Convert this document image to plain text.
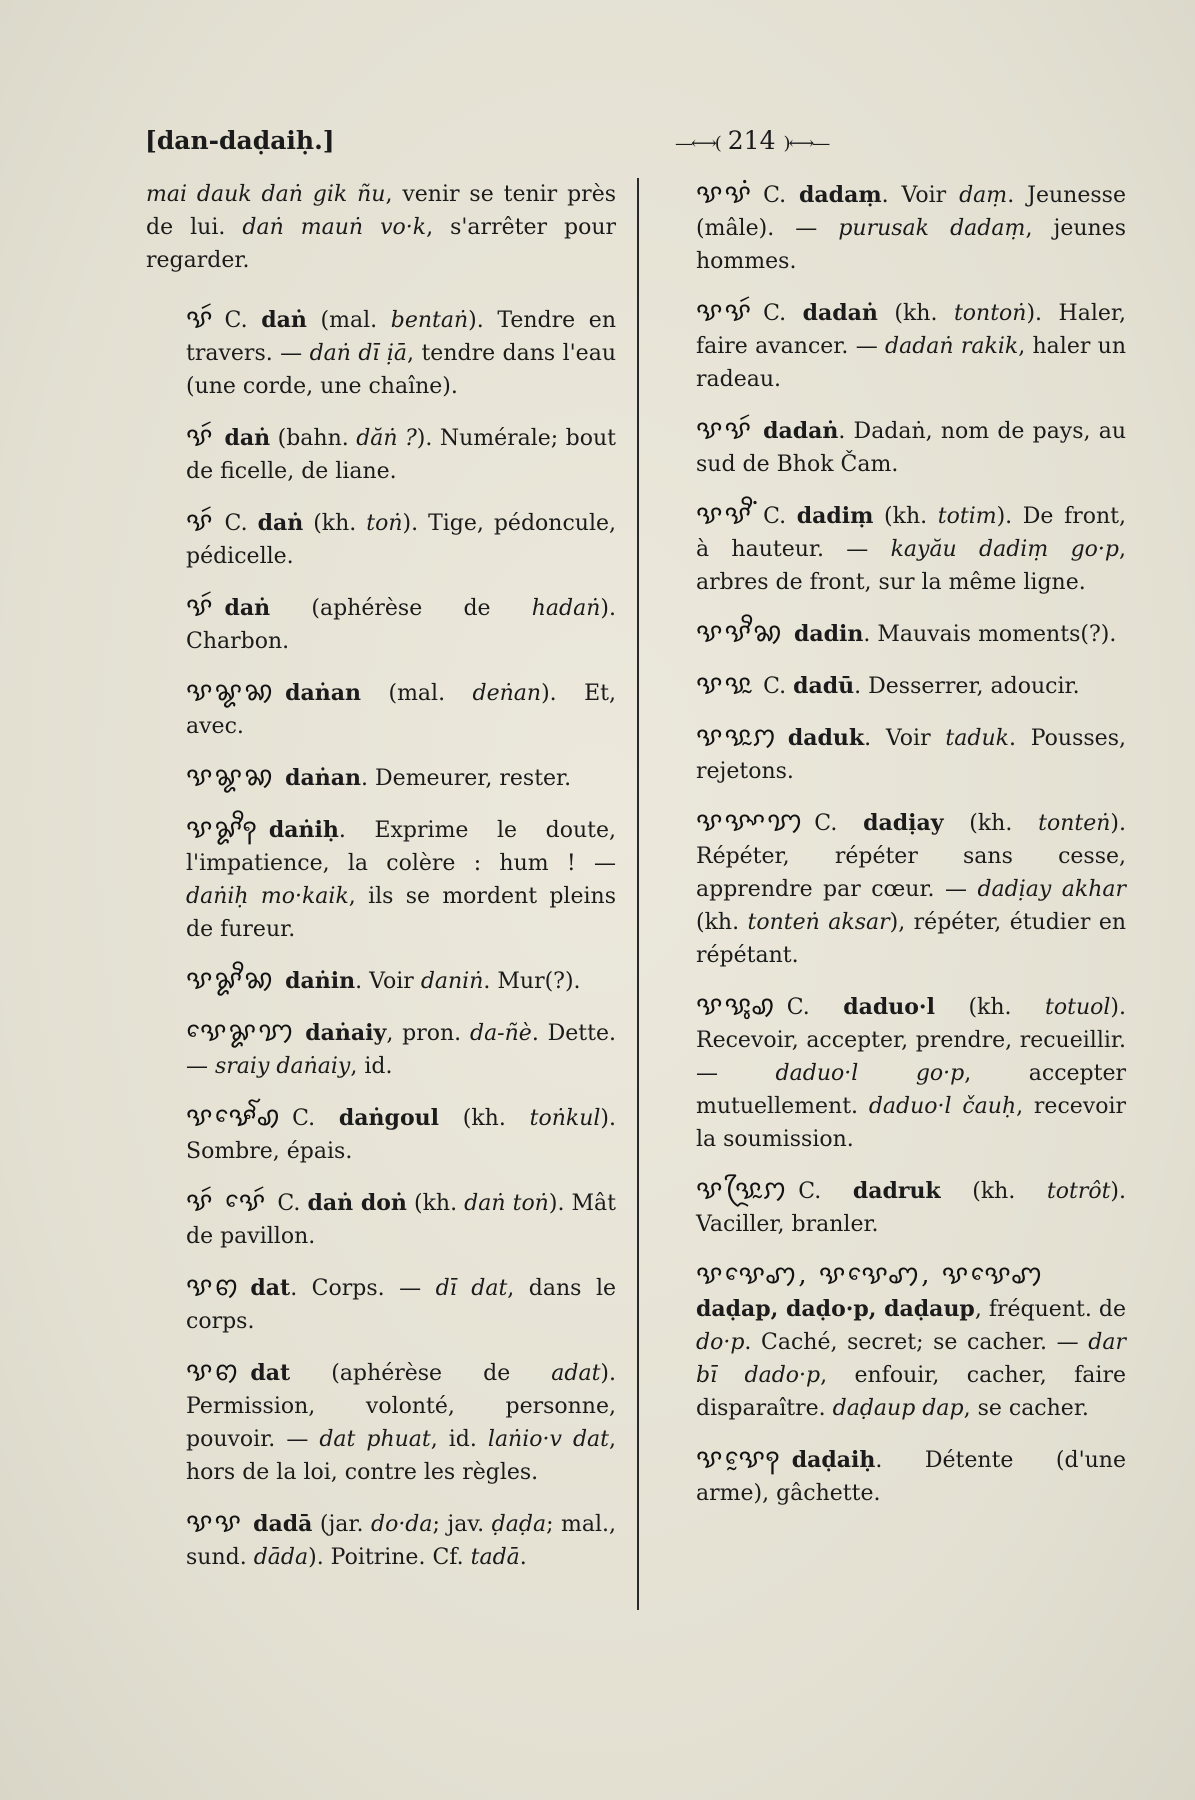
[dan-daḍaiḥ.]	—⟷( 214 )⟷—
mai dauk daṅ gik ñu, venir se tenir près de lui. daṅ mauṅ vo·k, s'arrêter pour regarder.
ꨕꩃ C. daṅ (mal. bentaṅ). Tendre en travers. — daṅ dī ịā, tendre dans l'eau (une corde, une chaîne).
ꨕꩃ daṅ (bahn. dăṅ ?). Numérale; bout de ficelle, de liane.
ꨕꩃ C. daṅ (kh. toṅ). Tige, pédoncule, pédicelle.
ꨕꩃ daṅ (aphérèse de hadaṅ). Charbon.
ꨕꨘꩆ daṅan (mal. deṅan). Et, avec.
ꨕꨘꩆ daṅan. Demeurer, rester.
ꨕꨙꨪꩍ daṅiḥ. Exprime le doute, l'impatience, la colère : hum ! — daṅiḥ mo·kaik, ils se mordent pleins de fureur.
ꨕꨙꨪꩆ daṅin. Voir daniṅ. Mur(?).
ꨕꨯꨙꩈ daṅaiy, pron. da-ñè. Dette. — sraiy daṅaiy, id.
ꨕꨊꨯꨱꩉ C. daṅgoul (kh. toṅkul). Sombre, épais.
ꨕꩃ ꨕꨯꩃ C. daṅ doṅ (kh. daṅ toṅ). Mât de pavillon.
ꨕꩅ dat. Corps. — dī dat, dans le corps.
ꨕꩅ dat (aphérèse de adat). Permission, volonté, personne, pouvoir. — dat phuat, id. laṅio·v dat, hors de la loi, contre les règles.
ꨕꨕ dadā (jar. do·da; jav. ḍaḍa; mal., sund. dāda). Poitrine. Cf. tadā.
ꨕꨕꩌ C. dadaṃ. Voir daṃ. Jeunesse (mâle). — purusak dadaṃ, jeunes hommes.
ꨕꨕꩃ C. dadaṅ (kh. tontoṅ). Haler, faire avancer. — dadaṅ rakik, haler un radeau.
ꨕꨕꩃ dadaṅ. Dadaṅ, nom de pays, au sud de Bhok Čam.
ꨕꨕꨪꩌ C. dadiṃ (kh. totim). De front, à hauteur. — kayău dadiṃ go·p, arbres de front, sur la même ligne.
ꨕꨕꨪꩆ dadin. Mauvais moments(?).
ꨕꨕꨭ C. dadū. Desserrer, adoucir.
ꨕꨕꨭꩀ daduk. Voir taduk. Pousses, rejetons.
ꨕꨕꨳꩈ C. dadịay (kh. tonteṅ). Répéter, répéter sans cesse, apprendre par cœur. — dadịay akhar (kh. tonteṅ aksar), répéter, étudier en répétant.
ꨕꨕꨶꩉ C. daduo·l (kh. totuol). Recevoir, accepter, prendre, recueillir. — daduo·l go·p, accepter mutuellement. daduo·l čauḥ, recevoir la soumission.
ꨕꨕꨴꨭꩀ C. dadruk (kh. totrôt). Vaciller, branler.
ꨕꨕꨯꩇ, ꨕꨕꨯꩇ, ꨕꨕꨯꩇdaḍap, daḍo·p, daḍaup, fréquent. de do·p. Caché, secret; se cacher. — dar bī dado·p, enfouir, cacher, faire disparaître. daḍaup dap, se cacher.
ꨕꨕꨰꩍ daḍaiḥ. Détente (d'une arme), gâchette.
